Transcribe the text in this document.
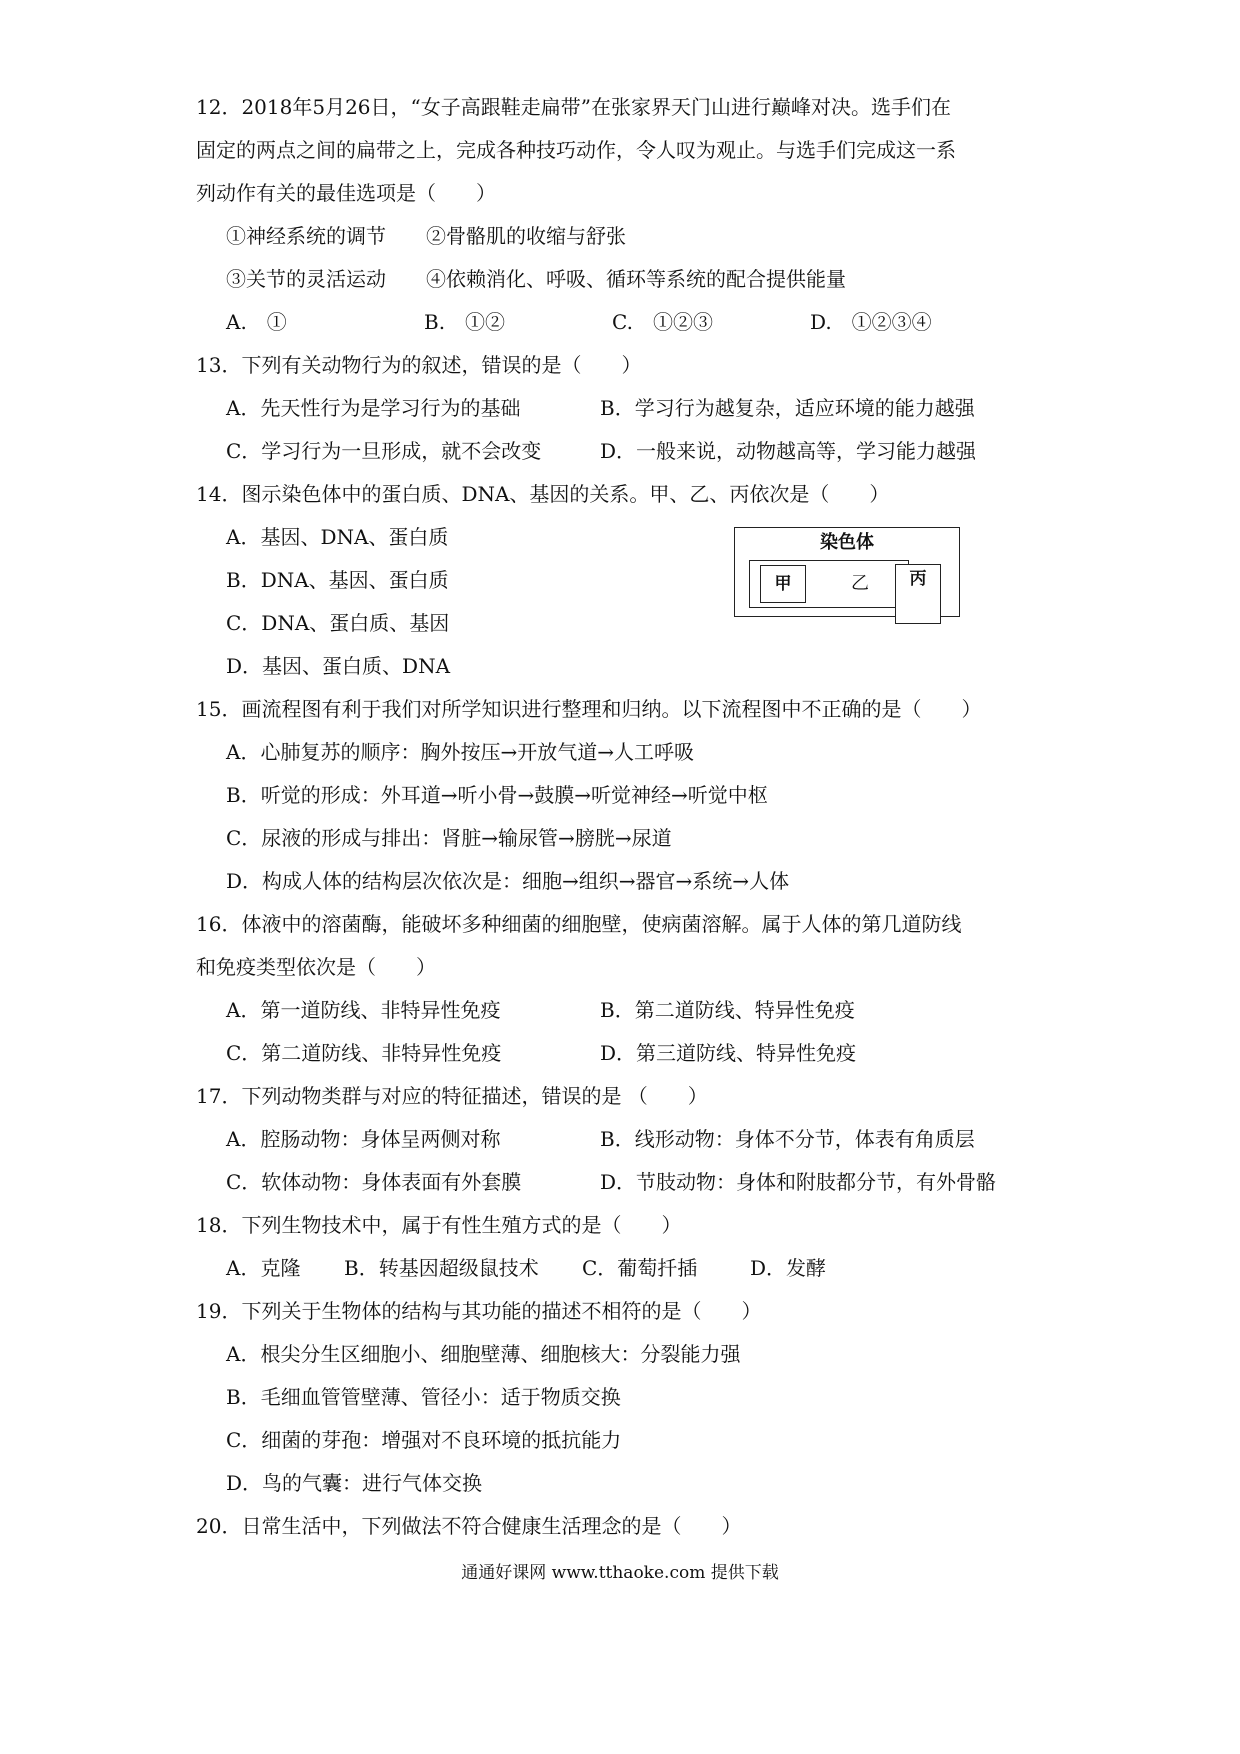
12．2018年5月26日，“女子高跟鞋走扁带”在张家界天门山进行巅峰对决。选手们在
固定的两点之间的扁带之上，完成各种技巧动作，令人叹为观止。与选手们完成这一系
列动作有关的最佳选项是（　　）
①神经系统的调节　　②骨骼肌的收缩与舒张
③关节的灵活运动　　④依赖消化、呼吸、循环等系统的配合提供能量
A.　①	B.　①②	C.　①②③	D.　①②③④
13．下列有关动物行为的叙述，错误的是（　　）
A．先天性行为是学习行为的基础	B．学习行为越复杂，适应环境的能力越强
C．学习行为一旦形成，就不会改变	D．一般来说，动物越高等，学习能力越强
14．图示染色体中的蛋白质、DNA、基因的关系。甲、乙、丙依次是（　　）
A．基因、DNA、蛋白质
B．DNA、基因、蛋白质
C．DNA、蛋白质、基因
D．基因、蛋白质、DNA
15．画流程图有利于我们对所学知识进行整理和归纳。以下流程图中不正确的是（　　）
A．心肺复苏的顺序：胸外按压→开放气道→人工呼吸
B．听觉的形成：外耳道→听小骨→鼓膜→听觉神经→听觉中枢
C．尿液的形成与排出：肾脏→输尿管→膀胱→尿道
D．构成人体的结构层次依次是：细胞→组织→器官→系统→人体
16．体液中的溶菌酶，能破坏多种细菌的细胞壁，使病菌溶解。属于人体的第几道防线
和免疫类型依次是（　　）
A．第一道防线、非特异性免疫	B．第二道防线、特异性免疫
C．第二道防线、非特异性免疫	D．第三道防线、特异性免疫
17．下列动物类群与对应的特征描述，错误的是 （　　）
A．腔肠动物：身体呈两侧对称	B．线形动物：身体不分节，体表有角质层
C．软体动物：身体表面有外套膜	D．节肢动物：身体和附肢都分节，有外骨骼
18．下列生物技术中，属于有性生殖方式的是（　　）
A．克隆 B．转基因超级鼠技术 C．葡萄扦插	D．发酵
19．下列关于生物体的结构与其功能的描述不相符的是（　　）
A．根尖分生区细胞小、细胞壁薄、细胞核大：分裂能力强
B．毛细血管管壁薄、管径小：适于物质交换
C．细菌的芽孢：增强对不良环境的抵抗能力
D．鸟的气囊：进行气体交换
20．日常生活中，下列做法不符合健康生活理念的是（　　）
染色体
甲	乙	丙
通通好课网 www.tthaoke.com 提供下载
